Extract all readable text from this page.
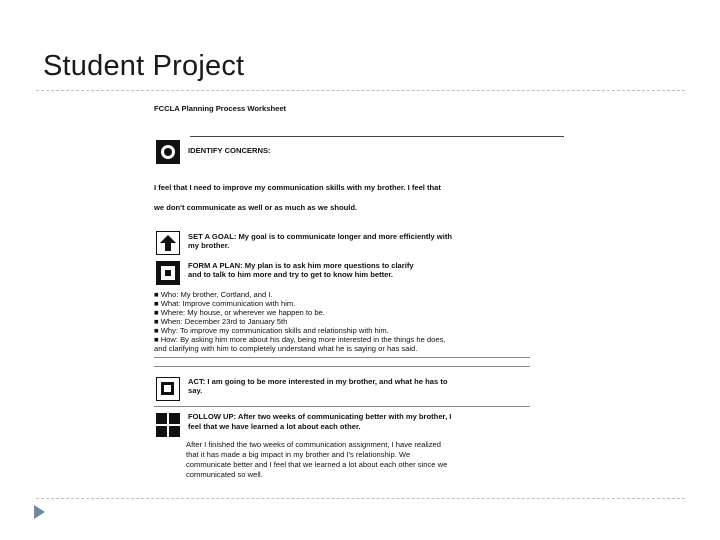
Student Project
FCCLA Planning Process Worksheet
IDENTIFY CONCERNS:
I feel that I need to improve my communication skills with my brother. I feel that
we don't communicate as well or as much as we should.
SET A GOAL: My goal is to communicate longer and more efficiently with
my brother.
FORM A PLAN: My plan is to ask him more questions to clarify
and to talk to him more and try to get to know him better.
■ Who: My brother, Cortland, and I.
■ What: Improve communication with him.
■ Where: My house, or wherever we happen to be.
■ When: December 23rd to January 5th
■ Why: To improve my communication skills and relationship with him.
■ How: By asking him more about his day, being more interested in the things he does,
and clarifying with him to completely understand what he is saying or has said.
ACT: I am going to be more interested in my brother, and what he has to
say.
FOLLOW UP: After two weeks of communicating better with my brother, I
feel that we have learned a lot about each other.
After I finished the two weeks of communication assignment, I have realized
that it has made a big impact in my brother and I's relationship. We
communicate better and I feel that we learned a lot about each other since we
communicated so well.
